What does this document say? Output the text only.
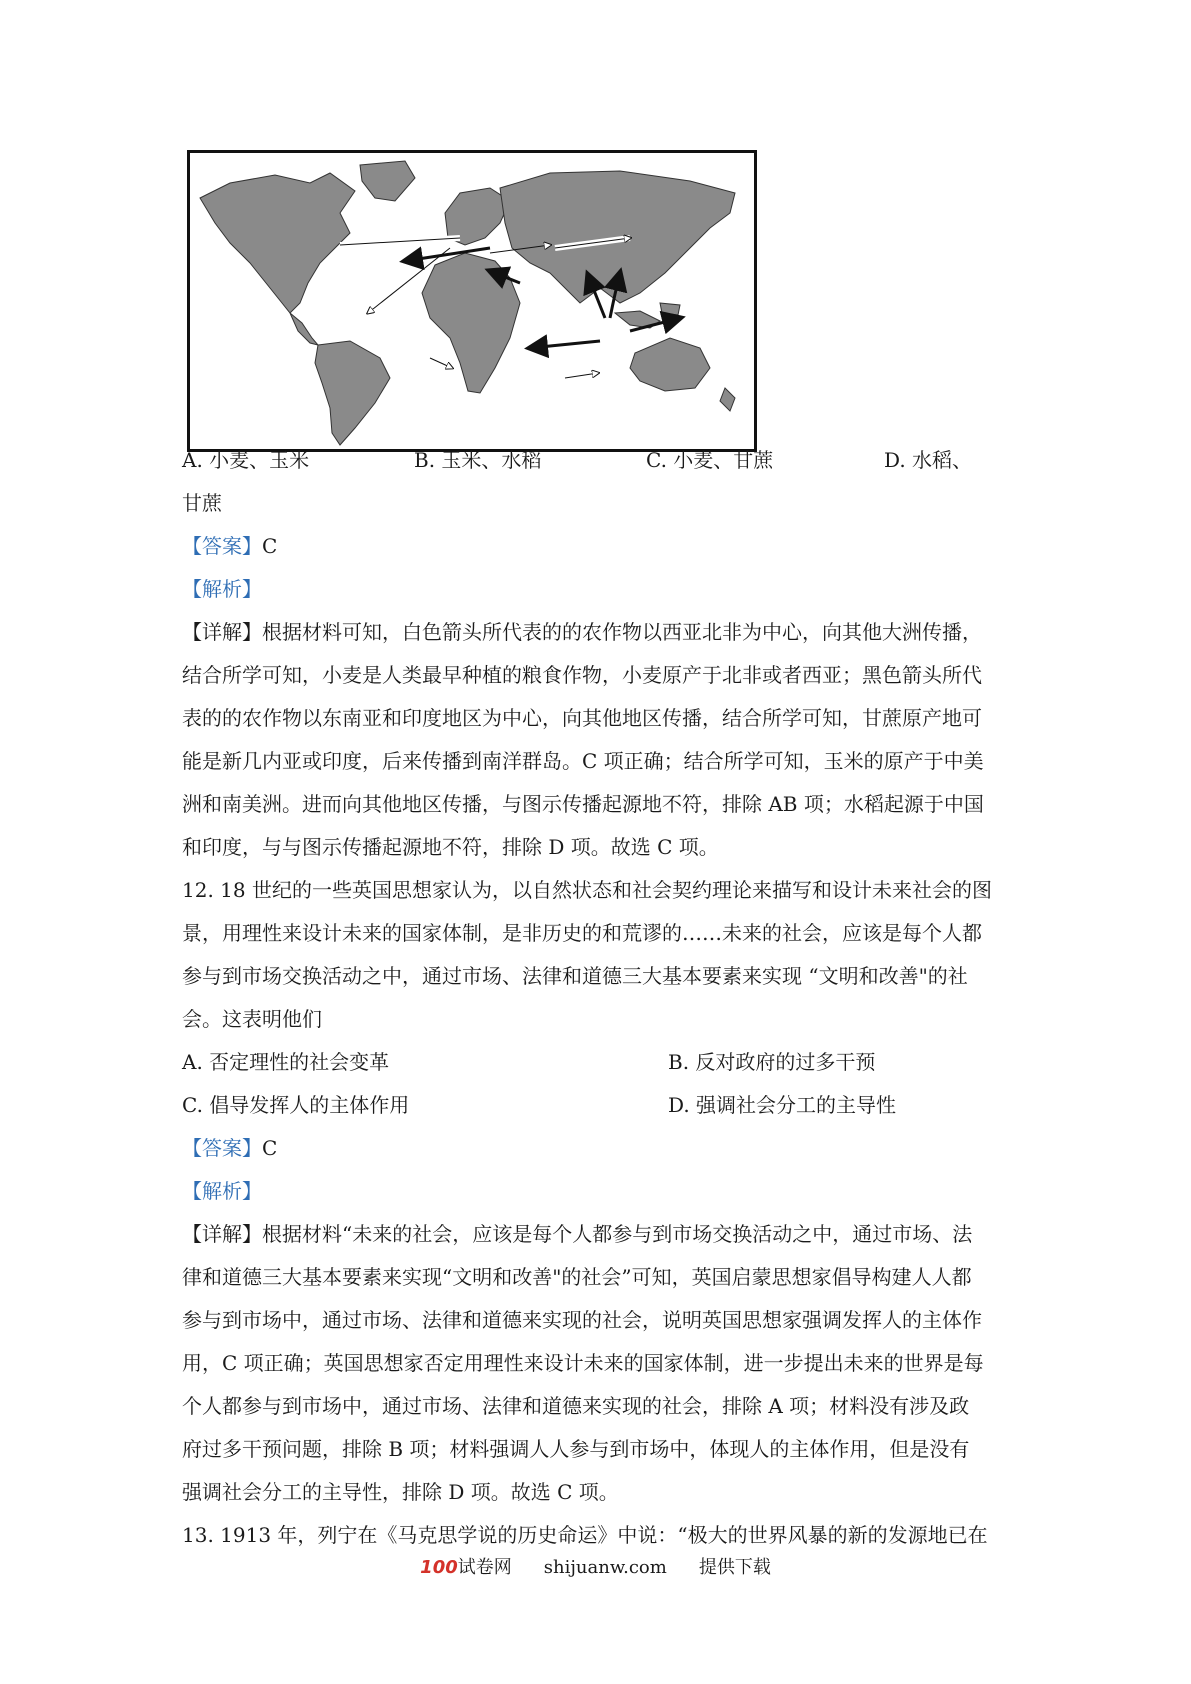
A. 小麦、玉米	B. 玉米、水稻	C. 小麦、甘蔗	D. 水稻、
甘蔗
【答案】C
【解析】
【详解】根据材料可知，白色箭头所代表的的农作物以西亚北非为中心，向其他大洲传播，
结合所学可知，小麦是人类最早种植的粮食作物，小麦原产于北非或者西亚；黑色箭头所代
表的的农作物以东南亚和印度地区为中心，向其他地区传播，结合所学可知，甘蔗原产地可
能是新几内亚或印度，后来传播到南洋群岛。C 项正确；结合所学可知，玉米的原产于中美
洲和南美洲。进而向其他地区传播，与图示传播起源地不符，排除 AB 项；水稻起源于中国
和印度，与与图示传播起源地不符，排除 D 项。故选 C 项。
12. 18 世纪的一些英国思想家认为，以自然状态和社会契约理论来描写和设计未来社会的图
景，用理性来设计未来的国家体制，是非历史的和荒谬的……未来的社会，应该是每个人都
参与到市场交换活动之中，通过市场、法律和道德三大基本要素来实现 “文明和改善"的社
会。这表明他们
A. 否定理性的社会变革	B. 反对政府的过多干预
C. 倡导发挥人的主体作用	D. 强调社会分工的主导性
【答案】C
【解析】
【详解】根据材料“未来的社会，应该是每个人都参与到市场交换活动之中，通过市场、法
律和道德三大基本要素来实现“文明和改善"的社会”可知，英国启蒙思想家倡导构建人人都
参与到市场中，通过市场、法律和道德来实现的社会，说明英国思想家强调发挥人的主体作
用，C 项正确；英国思想家否定用理性来设计未来的国家体制，进一步提出未来的世界是每
个人都参与到市场中，通过市场、法律和道德来实现的社会，排除 A 项；材料没有涉及政
府过多干预问题，排除 B 项；材料强调人人参与到市场中，体现人的主体作用，但是没有
强调社会分工的主导性，排除 D 项。故选 C 项。
13. 1913 年，列宁在《马克思学说的历史命运》中说：“极大的世界风暴的新的发源地已在
100试卷网 shijuanw.com 提供下载
